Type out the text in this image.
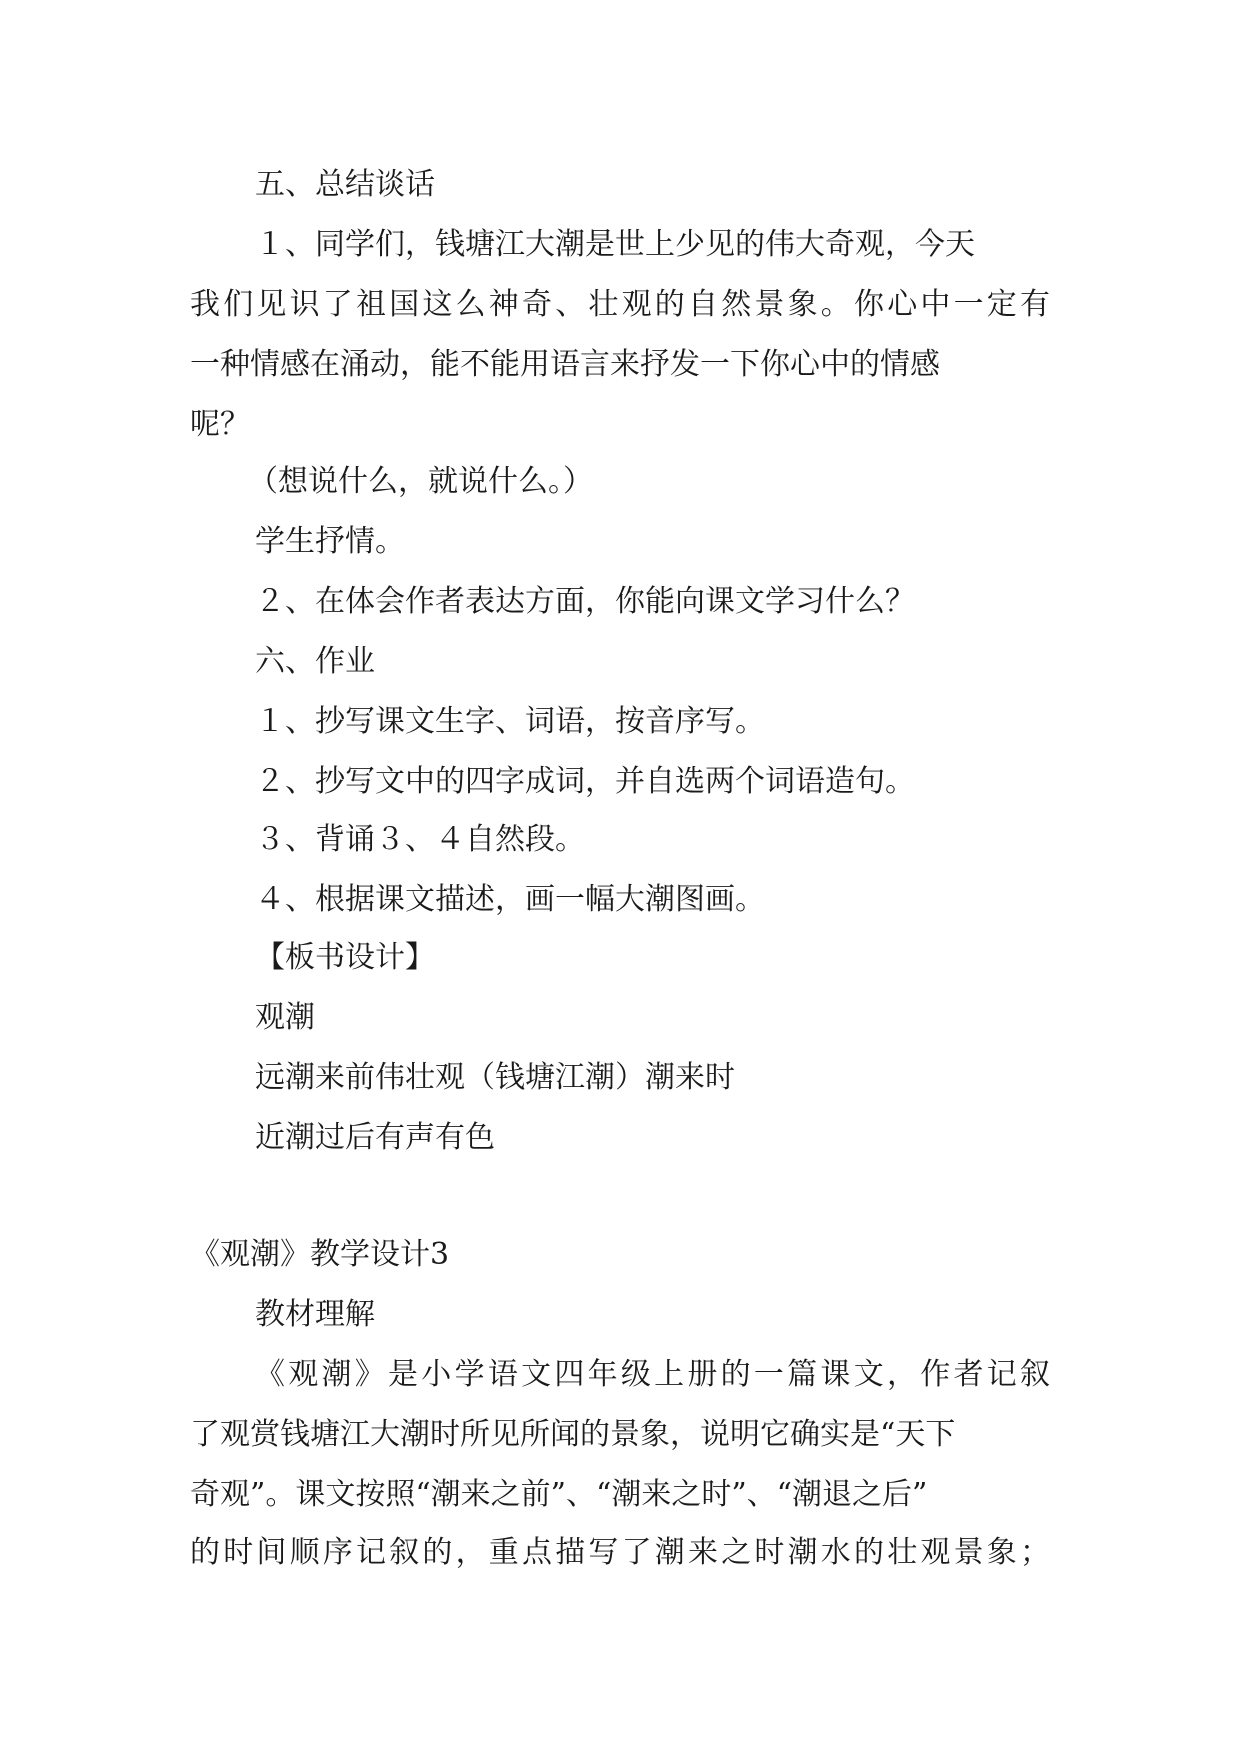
五、总结谈话
１、同学们，钱塘江大潮是世上少见的伟大奇观，今天
我们见识了祖国这么神奇、壮观的自然景象。你心中一定有
一种情感在涌动，能不能用语言来抒发一下你心中的情感
呢？
（想说什么，就说什么。）
学生抒情。
２、在体会作者表达方面，你能向课文学习什么？
六、作业
１、抄写课文生字、词语，按音序写。
２、抄写文中的四字成词，并自选两个词语造句。
３、背诵３、４自然段。
４、根据课文描述，画一幅大潮图画。
【板书设计】
观潮
远潮来前伟壮观（钱塘江潮）潮来时
近潮过后有声有色
《观潮》教学设计3
教材理解
《观潮》是小学语文四年级上册的一篇课文，作者记叙
了观赏钱塘江大潮时所见所闻的景象，说明它确实是“天下
奇观”。课文按照“潮来之前”、“潮来之时”、“潮退之后”
的时间顺序记叙的，重点描写了潮来之时潮水的壮观景象；
